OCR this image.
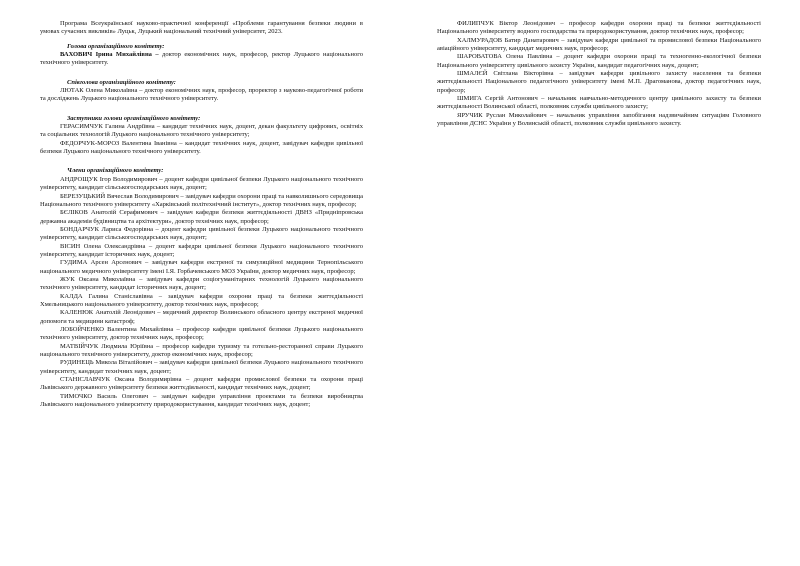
Програма Всеукраїнської науково-практичної конференції «Проблеми гарантування безпеки людини в умовах сучасних викликів» Луцьк, Луцький національний технічний університет, 2023.

Голова організаційного комітету:

ВАХОВИЧ Ірина Михайлівна – доктор економічних наук, професор, ректор Луцького національного технічного університету.

Співголова організаційного комітету:

ЛЮТАК Олена Миколаївна – доктор економічних наук, професор, проректор з науково-педагогічної роботи та досліджень Луцького національного технічного університету.

Заступники голови організаційного комітету:

ГЕРАСИМЧУК Галина Андріївна – кандидат технічних наук, доцент, декан факультету цифрових, освітніх та соціальних технологій Луцького національного технічного університету;

ФЕДОРЧУК-МОРОЗ Валентина Іванівна – кандидат технічних наук, доцент, завідувач кафедри цивільної безпеки Луцького національного технічного університету.

Члени організаційного комітету:

АНДРОЩУК Ігор Володимирович – доцент кафедри цивільної безпеки Луцького національного технічного університету, кандидат сільськогосподарських наук, доцент;

БЕРЕЗУЦЬКИЙ Вячеслав Володимирович – завідувач кафедри охорони праці та навколишнього середовища Національного технічного університету «Харківський політехнічний інститут», доктор технічних наук, професор;

БЄЛІКОВ Анатолій Серафимович – завідувач кафедри безпеки життєдіяльності ДВНЗ «Придніпровська державна академія будівництва та архітектури», доктор технічних наук, професор;

БОНДАРЧУК Лариса Федорівна – доцент кафедри цивільної безпеки Луцького національного технічного університету, кандидат сільськогосподарських наук, доцент;

ВІСИН Олена Олександрівна – доцент кафедри цивільної безпеки Луцького національного технічного університету, кандидат історичних наук, доцент;

ГУДИМА Арсен Арсенович – завідувач кафедри екстреної та симуляційної медицини Тернопільського національного медичного університету імені І.Я. Горбачевського МОЗ України, доктор медичних наук, професор;

ЖУК Оксана Миколаївна – завідувач кафедри соціогуманітарних технологій Луцького національного технічного університету, кандидат історичних наук, доцент;

КАЛДА Галина Станіславівна – завідувач кафедри охорони праці та безпеки життєдіяльності Хмельницького національного університету, доктор технічних наук, професор;

КАЛЕНЮК Анатолій Леонідович – медичний директор Волинського обласного центру екстреної медичної допомоги та медицини катастроф;

ЛОБОЙЧЕНКО Валентина Михайлівна – професор кафедри цивільної безпеки Луцького національного технічного університету, доктор технічних наук, професор;

МАТВІЙЧУК Людмила Юріївна – професор кафедри туризму та готельно-ресторанної справи Луцького національного технічного університету, доктор економічних наук, професор;

РУДИНЕЦЬ Микола Віталійович – завідувач кафедри цивільної безпеки Луцького національного технічного університету, кандидат технічних наук, доцент;

СТАНІСЛАВЧУК Оксана Володимирівна – доцент кафедри промислової безпеки та охорони праці Львівського державного університету безпеки життєдіяльності, кандидат технічних наук, доцент;

ТИМОЧКО Василь Олегович – завідувач кафедри управління проектами та безпеки виробництва Львівського національного університету природокористування, кандидат технічних наук, доцент;

ФИЛИПЧУК Віктор Леонідович – професор кафедри охорони праці та безпеки життєдіяльності Національного університету водного господарства та природокористування, доктор технічних наук, професор;

ХАЛМУРАДОВ Батир Данатарович – завідувач кафедри цивільної та промислової безпеки Національного авіаційного університету, кандидат медичних наук, професор;

ШАРОВАТОВА Олена Павлівна – доцент кафедри охорони праці та техногенно-екологічної безпеки Національного університету цивільного захисту України, кандидат педагогічних наук, доцент;

ШМАЛЄЙ Світлана Вікторівна – завідувач кафедри цивільного захисту населення та безпеки життєдіяльності Національного педагогічного університету імені М.П. Драгоманова, доктор педагогічних наук, професор;

ШМИГА Сергій Антонович – начальник навчально-методичного центру цивільного захисту та безпеки життєдіяльності Волинської області, полковник служби цивільного захисту;

ЯРУЧИК Руслан Миколайович – начальник управління запобігання надзвичайним ситуаціям Головного управління ДСНС України у Волинській області, полковник служби цивільного захисту.
